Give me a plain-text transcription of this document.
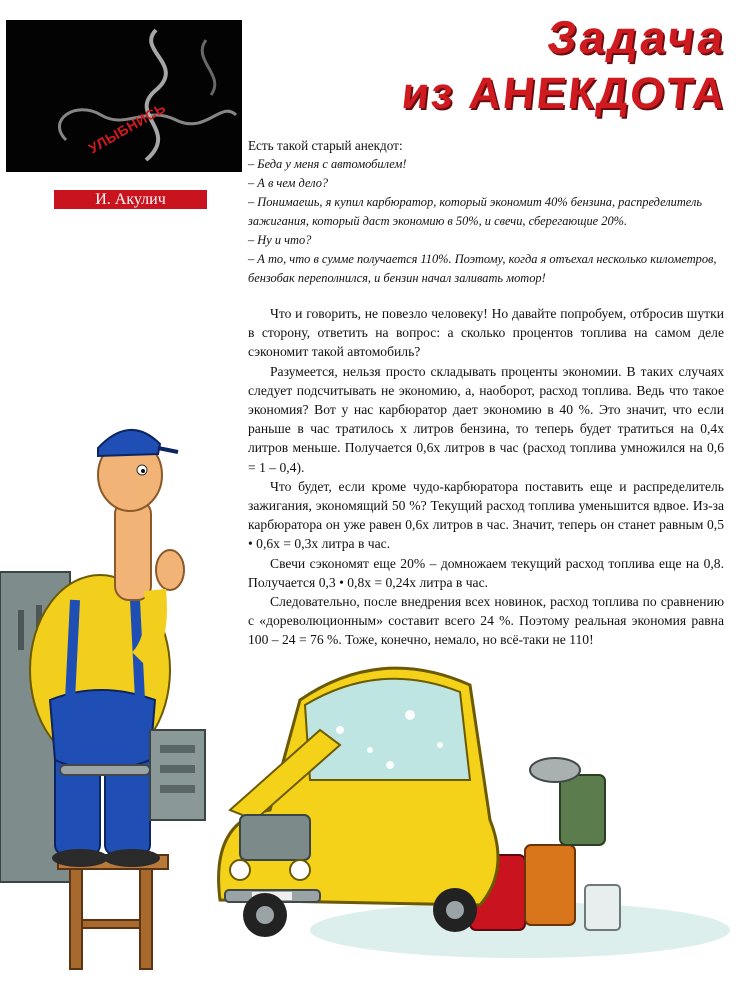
УЛЫБНИСЬ
И. Акулич
Задача
из АНЕКДОТА
Есть такой старый анекдот:

– Беда у меня с автомобилем!

– А в чем дело?

– Понимаешь, я купил карбюратор, который экономит 40% бензина, распределитель зажигания, который даст экономию в 50%, и свечи, сберегающие 20%.

– Ну и что?

– А то, что в сумме получается 110%. Поэтому, когда я отъехал несколько километров, бензобак переполнился, и бензин начал заливать мотор!

Что и говорить, не повезло человеку! Но давайте попробуем, отбросив шутки в сторону, ответить на вопрос: а сколько процентов топлива на самом деле сэкономит такой автомобиль?

Разумеется, нельзя просто складывать проценты экономии. В таких случаях следует подсчитывать не экономию, а, наоборот, расход топлива. Ведь что такое экономия? Вот у нас карбюратор дает экономию в 40 %. Это значит, что если раньше в час тратилось x литров бензина, то теперь будет тратиться на 0,4x литров меньше. Получается 0,6x литров в час (расход топлива умножился на 0,6 = 1 – 0,4).

Что будет, если кроме чудо-карбюратора поставить еще и распределитель зажигания, экономящий 50 %? Текущий расход топлива уменьшится вдвое. Из-за карбюратора он уже равен 0,6x литров в час. Значит, теперь он станет равным 0,5 • 0,6x = 0,3x литра в час.

Свечи сэкономят еще 20% – домножаем текущий расход топлива еще на 0,8. Получается 0,3 • 0,8x = 0,24x литра в час.

Следовательно, после внедрения всех новинок, расход топлива по сравнению с «дореволюционным» составит всего 24 %. Поэтому реальная экономия равна 100 – 24 = 76 %. Тоже, конечно, немало, но всё-таки не 110!
